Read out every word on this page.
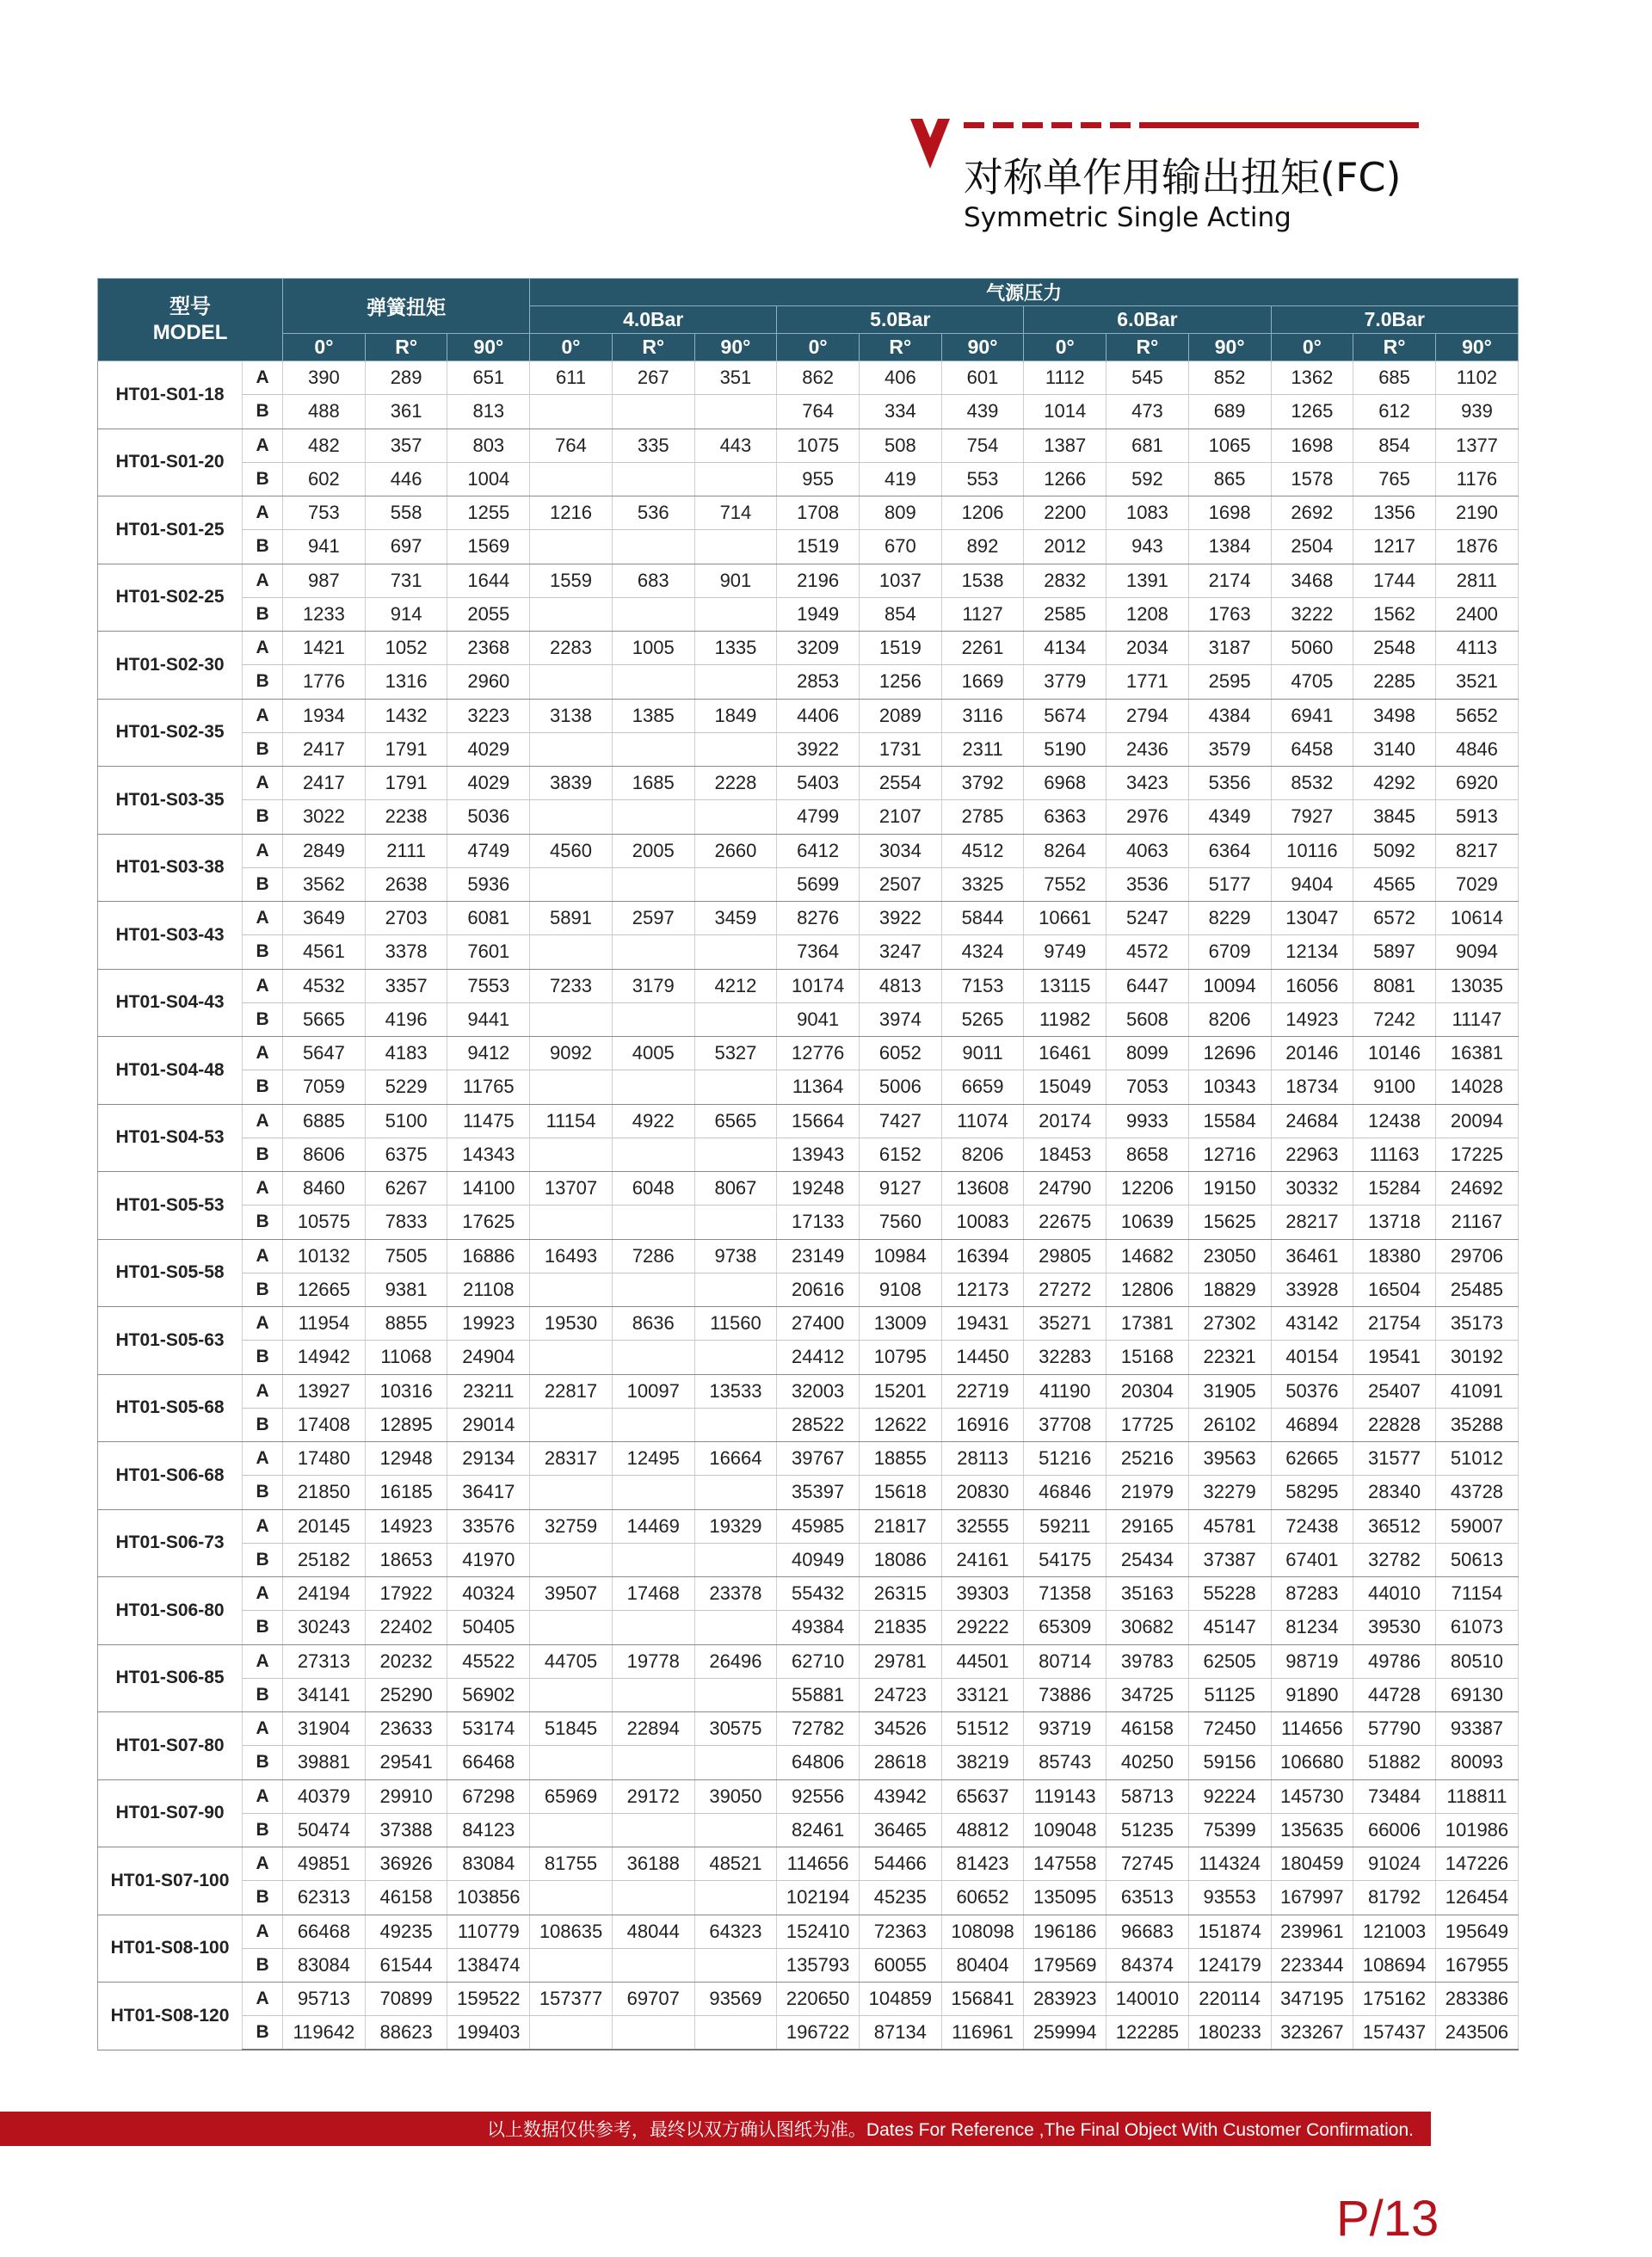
对称单作用输出扭矩(FC)
Symmetric Single Acting
型号
MODEL		弹簧扭矩			气源压力											
					4.0Bar			5.0Bar			6.0Bar			7.0Bar		
		0°	R°	90°	0°	R°	90°	0°	R°	90°	0°	R°	90°	0°	R°	90°
HT01-S01-18	A	390	289	651	611	267	351	862	406	601	1112	545	852	1362	685	1102
	B	488	361	813				764	334	439	1014	473	689	1265	612	939
HT01-S01-20	A	482	357	803	764	335	443	1075	508	754	1387	681	1065	1698	854	1377
	B	602	446	1004				955	419	553	1266	592	865	1578	765	1176
HT01-S01-25	A	753	558	1255	1216	536	714	1708	809	1206	2200	1083	1698	2692	1356	2190
	B	941	697	1569				1519	670	892	2012	943	1384	2504	1217	1876
HT01-S02-25	A	987	731	1644	1559	683	901	2196	1037	1538	2832	1391	2174	3468	1744	2811
	B	1233	914	2055				1949	854	1127	2585	1208	1763	3222	1562	2400
HT01-S02-30	A	1421	1052	2368	2283	1005	1335	3209	1519	2261	4134	2034	3187	5060	2548	4113
	B	1776	1316	2960				2853	1256	1669	3779	1771	2595	4705	2285	3521
HT01-S02-35	A	1934	1432	3223	3138	1385	1849	4406	2089	3116	5674	2794	4384	6941	3498	5652
	B	2417	1791	4029				3922	1731	2311	5190	2436	3579	6458	3140	4846
HT01-S03-35	A	2417	1791	4029	3839	1685	2228	5403	2554	3792	6968	3423	5356	8532	4292	6920
	B	3022	2238	5036				4799	2107	2785	6363	2976	4349	7927	3845	5913
HT01-S03-38	A	2849	2111	4749	4560	2005	2660	6412	3034	4512	8264	4063	6364	10116	5092	8217
	B	3562	2638	5936				5699	2507	3325	7552	3536	5177	9404	4565	7029
HT01-S03-43	A	3649	2703	6081	5891	2597	3459	8276	3922	5844	10661	5247	8229	13047	6572	10614
	B	4561	3378	7601				7364	3247	4324	9749	4572	6709	12134	5897	9094
HT01-S04-43	A	4532	3357	7553	7233	3179	4212	10174	4813	7153	13115	6447	10094	16056	8081	13035
	B	5665	4196	9441				9041	3974	5265	11982	5608	8206	14923	7242	11147
HT01-S04-48	A	5647	4183	9412	9092	4005	5327	12776	6052	9011	16461	8099	12696	20146	10146	16381
	B	7059	5229	11765				11364	5006	6659	15049	7053	10343	18734	9100	14028
HT01-S04-53	A	6885	5100	11475	11154	4922	6565	15664	7427	11074	20174	9933	15584	24684	12438	20094
	B	8606	6375	14343				13943	6152	8206	18453	8658	12716	22963	11163	17225
HT01-S05-53	A	8460	6267	14100	13707	6048	8067	19248	9127	13608	24790	12206	19150	30332	15284	24692
	B	10575	7833	17625				17133	7560	10083	22675	10639	15625	28217	13718	21167
HT01-S05-58	A	10132	7505	16886	16493	7286	9738	23149	10984	16394	29805	14682	23050	36461	18380	29706
	B	12665	9381	21108				20616	9108	12173	27272	12806	18829	33928	16504	25485
HT01-S05-63	A	11954	8855	19923	19530	8636	11560	27400	13009	19431	35271	17381	27302	43142	21754	35173
	B	14942	11068	24904				24412	10795	14450	32283	15168	22321	40154	19541	30192
HT01-S05-68	A	13927	10316	23211	22817	10097	13533	32003	15201	22719	41190	20304	31905	50376	25407	41091
	B	17408	12895	29014				28522	12622	16916	37708	17725	26102	46894	22828	35288
HT01-S06-68	A	17480	12948	29134	28317	12495	16664	39767	18855	28113	51216	25216	39563	62665	31577	51012
	B	21850	16185	36417				35397	15618	20830	46846	21979	32279	58295	28340	43728
HT01-S06-73	A	20145	14923	33576	32759	14469	19329	45985	21817	32555	59211	29165	45781	72438	36512	59007
	B	25182	18653	41970				40949	18086	24161	54175	25434	37387	67401	32782	50613
HT01-S06-80	A	24194	17922	40324	39507	17468	23378	55432	26315	39303	71358	35163	55228	87283	44010	71154
	B	30243	22402	50405				49384	21835	29222	65309	30682	45147	81234	39530	61073
HT01-S06-85	A	27313	20232	45522	44705	19778	26496	62710	29781	44501	80714	39783	62505	98719	49786	80510
	B	34141	25290	56902				55881	24723	33121	73886	34725	51125	91890	44728	69130
HT01-S07-80	A	31904	23633	53174	51845	22894	30575	72782	34526	51512	93719	46158	72450	114656	57790	93387
	B	39881	29541	66468				64806	28618	38219	85743	40250	59156	106680	51882	80093
HT01-S07-90	A	40379	29910	67298	65969	29172	39050	92556	43942	65637	119143	58713	92224	145730	73484	118811
	B	50474	37388	84123				82461	36465	48812	109048	51235	75399	135635	66006	101986
HT01-S07-100	A	49851	36926	83084	81755	36188	48521	114656	54466	81423	147558	72745	114324	180459	91024	147226
	B	62313	46158	103856				102194	45235	60652	135095	63513	93553	167997	81792	126454
HT01-S08-100	A	66468	49235	110779	108635	48044	64323	152410	72363	108098	196186	96683	151874	239961	121003	195649
	B	83084	61544	138474				135793	60055	80404	179569	84374	124179	223344	108694	167955
HT01-S08-120	A	95713	70899	159522	157377	69707	93569	220650	104859	156841	283923	140010	220114	347195	175162	283386
	B	119642	88623	199403				196722	87134	116961	259994	122285	180233	323267	157437	243506
以上数据仅供参考，最终以双方确认图纸为准。Dates For Reference ,The Final Object With Customer Confirmation.
P/13
